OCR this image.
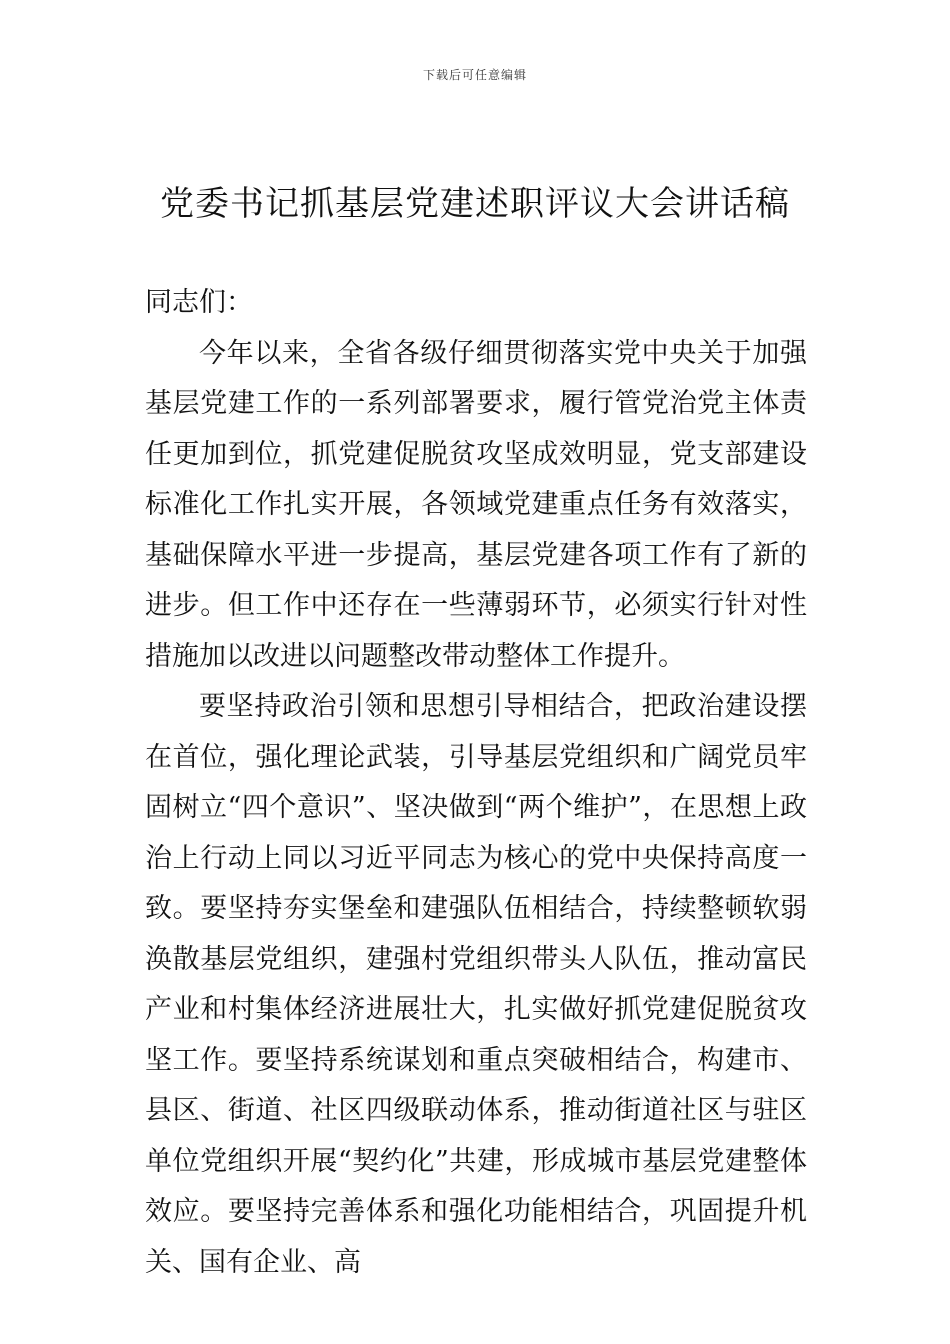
下载后可任意编辑
党委书记抓基层党建述职评议大会讲话稿

同志们：

今年以来，全省各级仔细贯彻落实党中央关于加强基层党建工作的一系列部署要求，履行管党治党主体责任更加到位，抓党建促脱贫攻坚成效明显，党支部建设标准化工作扎实开展，各领域党建重点任务有效落实，基础保障水平进一步提高，基层党建各项工作有了新的进步。但工作中还存在一些薄弱环节，必须实行针对性措施加以改进以问题整改带动整体工作提升。

要坚持政治引领和思想引导相结合，把政治建设摆在首位，强化理论武装，引导基层党组织和广阔党员牢固树立“四个意识”、坚决做到“两个维护”，在思想上政治上行动上同以习近平同志为核心的党中央保持高度一致。要坚持夯实堡垒和建强队伍相结合，持续整顿软弱涣散基层党组织，建强村党组织带头人队伍，推动富民产业和村集体经济进展壮大，扎实做好抓党建促脱贫攻坚工作。要坚持系统谋划和重点突破相结合，构建市、县区、街道、社区四级联动体系，推动街道社区与驻区单位党组织开展“契约化”共建，形成城市基层党建整体效应。要坚持完善体系和强化功能相结合，巩固提升机关、国有企业、高
